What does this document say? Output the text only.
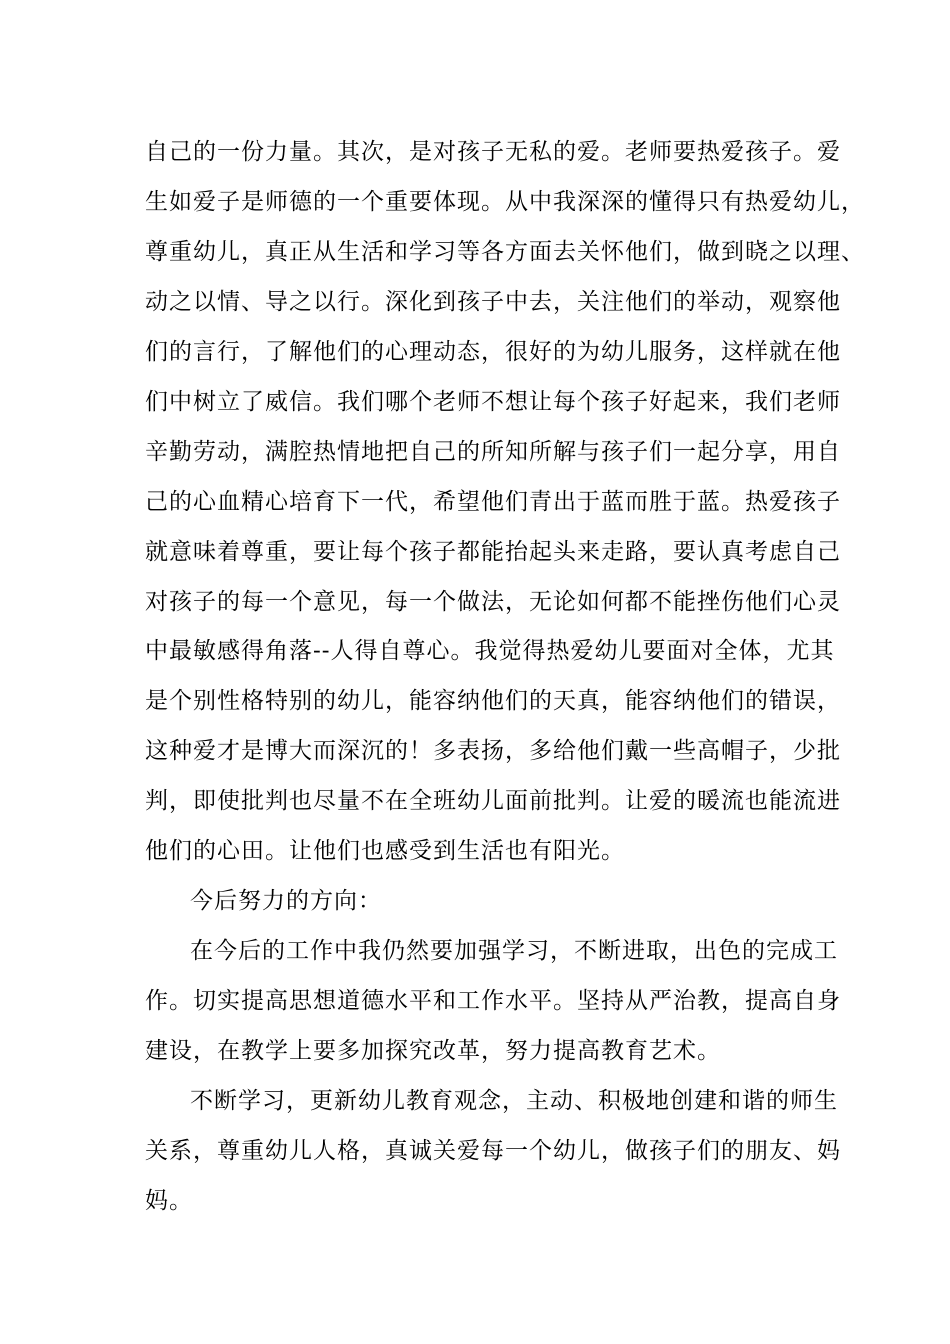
自己的一份力量。其次，是对孩子无私的爱。老师要热爱孩子。爱
生如爱子是师德的一个重要体现。从中我深深的懂得只有热爱幼儿，
尊重幼儿，真正从生活和学习等各方面去关怀他们，做到晓之以理、
动之以情、导之以行。深化到孩子中去，关注他们的举动，观察他
们的言行，了解他们的心理动态，很好的为幼儿服务，这样就在他
们中树立了威信。我们哪个老师不想让每个孩子好起来，我们老师
辛勤劳动，满腔热情地把自己的所知所解与孩子们一起分享，用自
己的心血精心培育下一代，希望他们青出于蓝而胜于蓝。热爱孩子
就意味着尊重，要让每个孩子都能抬起头来走路，要认真考虑自己
对孩子的每一个意见，每一个做法，无论如何都不能挫伤他们心灵
中最敏感得角落--人得自尊心。我觉得热爱幼儿要面对全体，尤其
是个别性格特别的幼儿，能容纳他们的天真，能容纳他们的错误，
这种爱才是博大而深沉的！多表扬，多给他们戴一些高帽子，少批
判，即使批判也尽量不在全班幼儿面前批判。让爱的暖流也能流进
他们的心田。让他们也感受到生活也有阳光。
今后努力的方向：
在今后的工作中我仍然要加强学习，不断进取，出色的完成工
作。切实提高思想道德水平和工作水平。坚持从严治教，提高自身
建设，在教学上要多加探究改革，努力提高教育艺术。
不断学习，更新幼儿教育观念，主动、积极地创建和谐的师生
关系，尊重幼儿人格，真诚关爱每一个幼儿，做孩子们的朋友、妈
妈。
